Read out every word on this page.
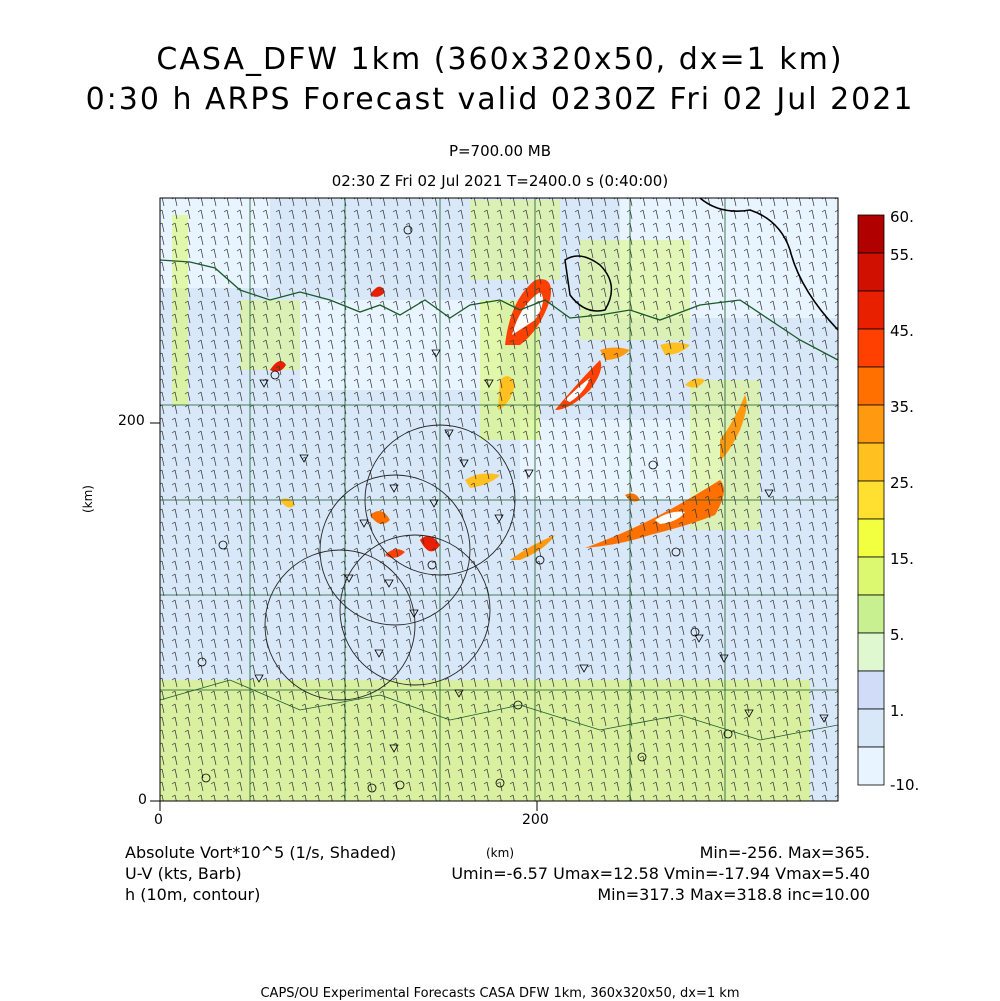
CASA_DFW 1km (360x320x50, dx=1 km)
0:30 h ARPS Forecast valid 0230Z Fri 02 Jul 2021
P=700.00 MB
02:30 Z Fri 02 Jul 2021 T=2400.0 s (0:40:00)
200
0
0	200
(km)
(km)
60.
55.
45.
35.
25.
15.
5.
1.
-10.
Absolute Vort*10^5 (1/s, Shaded)
U-V (kts, Barb)
h (10m, contour)
Min=-256. Max=365.
Umin=-6.57 Umax=12.58 Vmin=-17.94 Vmax=5.40
Min=317.3 Max=318.8 inc=10.00
CAPS/OU Experimental Forecasts CASA DFW 1km, 360x320x50, dx=1 km
